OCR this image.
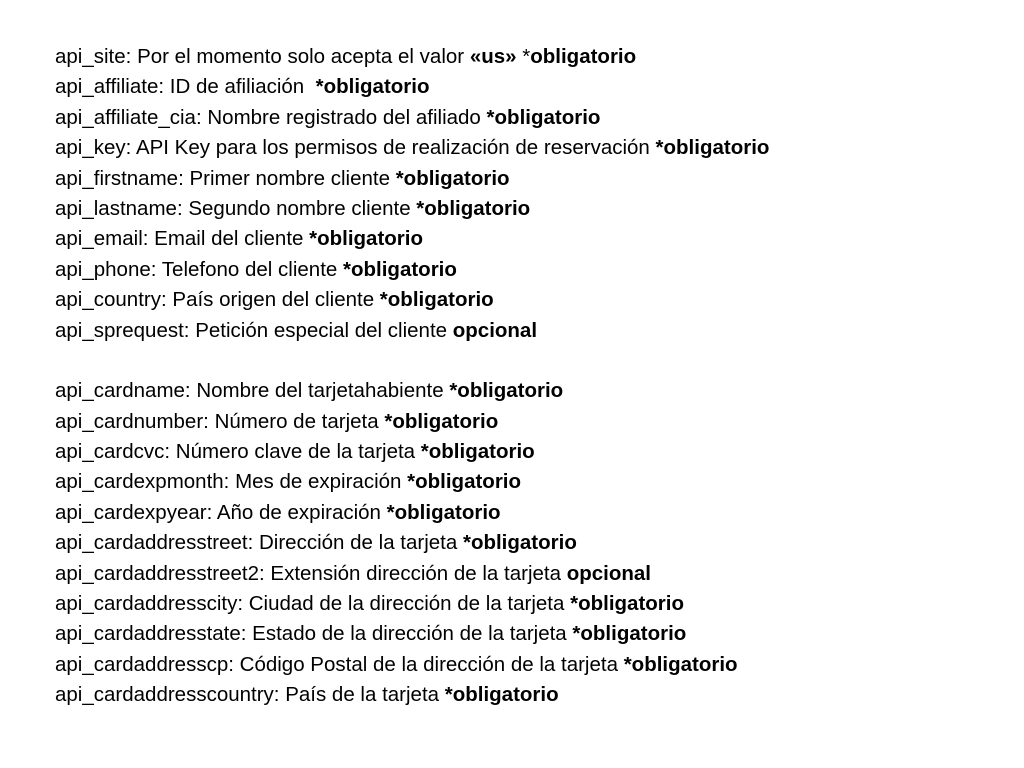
api_site: Por el momento solo acepta el valor «us» *obligatorio
api_affiliate: ID de afiliación  *obligatorio
api_affiliate_cia: Nombre registrado del afiliado *obligatorio
api_key: API Key para los permisos de realización de reservación *obligatorio
api_firstname: Primer nombre cliente *obligatorio
api_lastname: Segundo nombre cliente *obligatorio
api_email: Email del cliente *obligatorio
api_phone: Telefono del cliente *obligatorio
api_country: País origen del cliente *obligatorio
api_sprequest: Petición especial del cliente opcional
api_cardname: Nombre del tarjetahabiente *obligatorio
api_cardnumber: Número de tarjeta *obligatorio
api_cardcvc: Número clave de la tarjeta *obligatorio
api_cardexpmonth: Mes de expiración *obligatorio
api_cardexpyear: Año de expiración *obligatorio
api_cardaddresstreet: Dirección de la tarjeta *obligatorio
api_cardaddresstreet2: Extensión dirección de la tarjeta opcional
api_cardaddresscity: Ciudad de la dirección de la tarjeta *obligatorio
api_cardaddresstate: Estado de la dirección de la tarjeta *obligatorio
api_cardaddresscp: Código Postal de la dirección de la tarjeta *obligatorio
api_cardaddresscountry: País de la tarjeta *obligatorio
